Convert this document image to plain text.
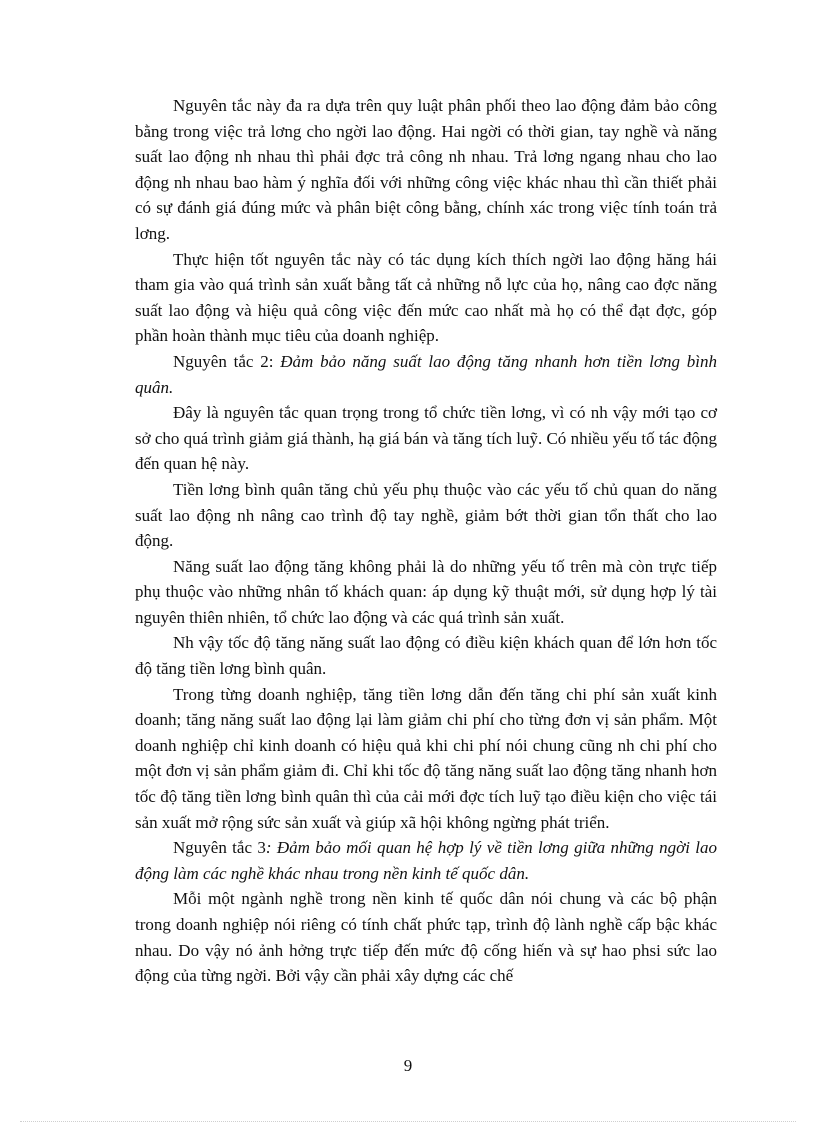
Nguyên tắc này đa ra dựa trên quy luật phân phối theo lao động đảm bảo công bằng trong việc trả lơng cho ngời lao động. Hai ngời có thời gian, tay nghề và năng suất lao động nh nhau thì phải đợc trả công nh nhau. Trả lơng ngang nhau cho lao động nh nhau bao hàm ý nghĩa đối với những công việc khác nhau thì cần thiết phải có sự đánh giá đúng mức và phân biệt công bằng, chính xác trong việc tính toán trả lơng.

Thực hiện tốt nguyên tắc này có tác dụng kích thích ngời lao động hăng hái tham gia vào quá trình sản xuất bằng tất cả những nỗ lực của họ, nâng cao đợc năng suất lao động và hiệu quả công việc đến mức cao nhất mà họ có thể đạt đợc, góp phần hoàn thành mục tiêu của doanh nghiệp.

Nguyên tắc 2: Đảm bảo năng suất lao động tăng nhanh hơn tiền lơng bình quân.

Đây là nguyên tắc quan trọng trong tổ chức tiền lơng, vì có nh vậy mới tạo cơ sở cho quá trình giảm giá thành, hạ giá bán và tăng tích luỹ. Có nhiều yếu tố tác động đến quan hệ này.

Tiền lơng bình quân tăng chủ yếu phụ thuộc vào các yếu tố chủ quan do năng suất lao động nh nâng cao trình độ tay nghề, giảm bớt thời gian tổn thất cho lao động.

Năng suất lao động tăng không phải là do những yếu tố trên mà còn trực tiếp phụ thuộc vào những nhân tố khách quan: áp dụng kỹ thuật mới, sử dụng hợp lý tài nguyên thiên nhiên, tổ chức lao động và các quá trình sản xuất.

Nh vậy tốc độ tăng năng suất lao động có điều kiện khách quan để lớn hơn tốc độ tăng tiền lơng bình quân.

Trong từng doanh nghiệp, tăng tiền lơng dẫn đến tăng chi phí sản xuất kinh doanh; tăng năng suất lao động lại làm giảm chi phí cho từng đơn vị sản phẩm. Một doanh nghiệp chỉ kinh doanh có hiệu quả khi chi phí nói chung cũng nh chi phí cho một đơn vị sản phẩm giảm đi. Chỉ khi tốc độ tăng năng suất lao động tăng nhanh hơn tốc độ tăng tiền lơng bình quân thì của cải mới đợc tích luỹ tạo điều kiện cho việc tái sản xuất mở rộng sức sản xuất và giúp xã hội không ngừng phát triển.

Nguyên tắc 3: Đảm bảo mối quan hệ hợp lý về tiền lơng giữa những ngời lao động làm các nghề khác nhau trong nền kinh tế quốc dân.

Mỗi một ngành nghề trong nền kinh tế quốc dân nói chung và các bộ phận trong doanh nghiệp nói riêng có tính chất phức tạp, trình độ lành nghề cấp bậc khác nhau. Do vậy nó ảnh hởng trực tiếp đến mức độ cống hiến và sự hao phsi sức lao động của từng ngời. Bởi vậy cần phải xây dựng các chế

9
